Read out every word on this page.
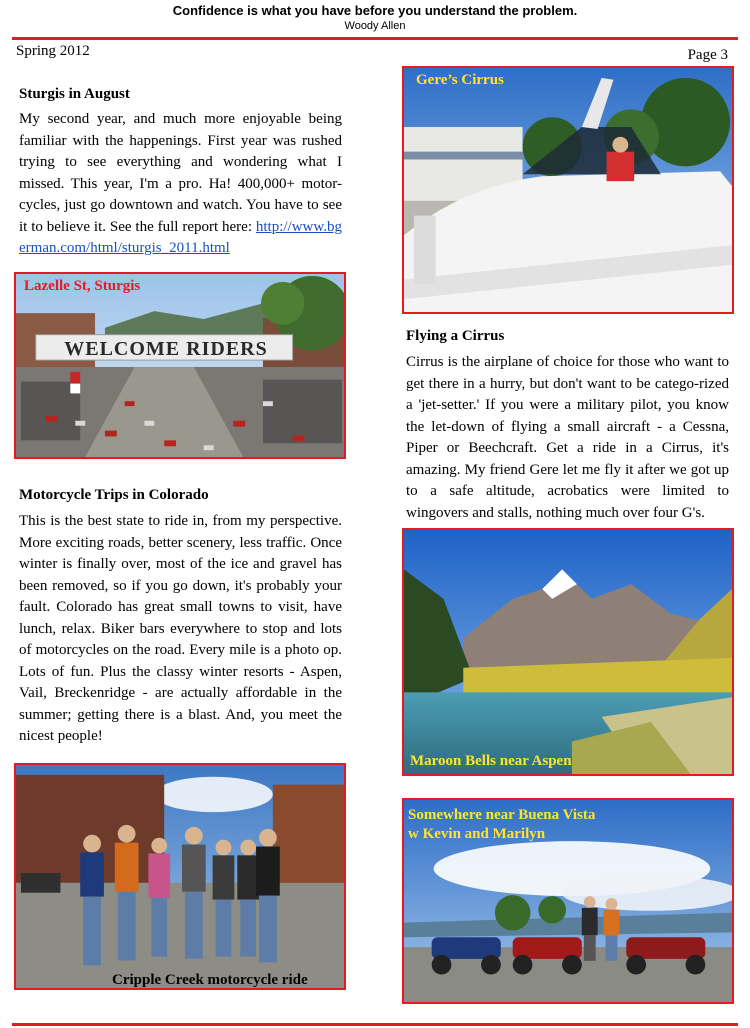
Confidence is what you have before you understand the problem.
Woody Allen
Spring 2012	Page 3
Sturgis in August
My second year, and much more enjoyable being familiar with the happenings. First year was rushed trying to see everything and wondering what I missed. This year, I'm a pro. Ha! 400,000+ motor-cycles, just go downtown and watch. You have to see it to believe it. See the full report here: http://www.bgerman.com/html/sturgis_2011.html
WELCOME RIDERS
Lazelle St, Sturgis
Motorcycle Trips in Colorado
This is the best state to ride in, from my perspective. More exciting roads, better scenery, less traffic. Once winter is finally over, most of the ice and gravel has been removed, so if you go down, it's probably your fault. Colorado has great small towns to visit, have lunch, relax. Biker bars everywhere to stop and lots of motorcycles on the road. Every mile is a photo op. Lots of fun. Plus the classy winter resorts - Aspen, Vail, Breckenridge - are actually affordable in the summer; getting there is a blast. And, you meet the nicest people!
Cripple Creek motorcycle ride
Gere’s Cirrus
Flying a Cirrus
Cirrus is the airplane of choice for those who want to get there in a hurry, but don't want to be catego-rized a 'jet-setter.' If you were a military pilot, you know the let-down of flying a small aircraft - a Cessna, Piper or Beechcraft. Get a ride in a Cirrus, it's amazing. My friend Gere let me fly it after we got up to a safe altitude, acrobatics were limited to wingovers and stalls, nothing much over four G's.
Maroon Bells near Aspen
Somewhere near Buena Vista
w Kevin and Marilyn
